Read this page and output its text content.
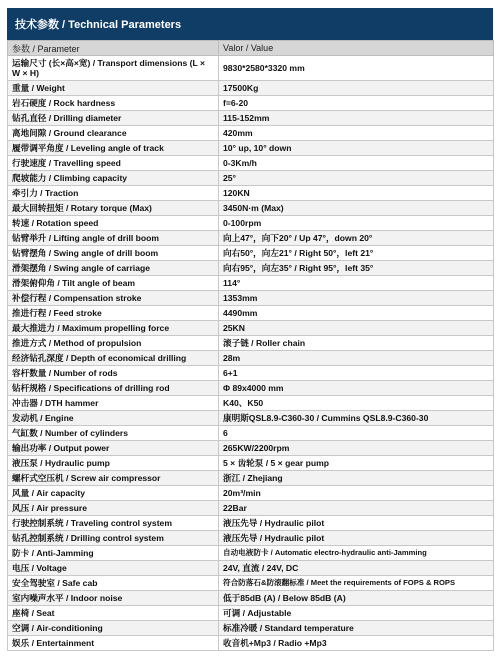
技术参数 / Technical Parameters
参数 / Parameter	Valor / Value
运输尺寸 (长×高×宽) / Transport dimensions (L × W × H)	9830*2580*3320 mm
重量 / Weight	17500Kg
岩石硬度 / Rock hardness	f=6-20
钻孔直径 / Drilling diameter	115-152mm
离地间隙 / Ground clearance	420mm
履带调平角度 / Leveling angle of track	10° up, 10° down
行驶速度 / Travelling speed	0-3Km/h
爬坡能力 / Climbing capacity	25°
牵引力 / Traction	120KN
最大回转扭矩 / Rotary torque (Max)	3450N·m (Max)
转速 / Rotation speed	0-100rpm
钻臂举升 / Lifting angle of drill boom	向上47°，向下20° / Up 47°，down 20°
钻臂摆角 / Swing angle of drill boom	向右50°，向左21° / Right 50°，left 21°
滑架摆角 / Swing angle of carriage	向右95°，向左35° / Right 95°，left 35°
滑架俯仰角 / Tilt angle of beam	114°
补偿行程 / Compensation stroke	1353mm
推进行程 / Feed stroke	4490mm
最大推进力 / Maximum propelling force	25KN
推进方式 / Method of propulsion	滚子链 / Roller chain
经济钻孔深度 / Depth of economical drilling	28m
容杆数量 / Number of rods	6+1
钻杆规格 / Specifications of drilling rod	Φ 89x4000 mm
冲击器 / DTH hammer	K40、K50
发动机 / Engine	康明斯QSL8.9-C360-30 / Cummins QSL8.9-C360-30
气缸数 / Number of cylinders	6
输出功率 / Output power	265KW/2200rpm
液压泵 / Hydraulic pump	5 × 齿轮泵 / 5 × gear pump
螺杆式空压机 / Screw air compressor	浙江 / Zhejiang
风量 / Air capacity	20m³/min
风压 / Air pressure	22Bar
行驶控制系统 / Traveling control system	液压先导 / Hydraulic pilot
钻孔控制系统 / Drilling control system	液压先导 / Hydraulic pilot
防卡 / Anti-Jamming	自动电液防卡 / Automatic electro-hydraulic anti-Jamming
电压 / Voltage	24V, 直流 / 24V, DC
安全驾驶室 / Safe cab	符合防落石&防滚翻标准 / Meet the requirements of FOPS & ROPS
室内噪声水平 / Indoor noise	低于85dB (A) / Below 85dB (A)
座椅 / Seat	可调 / Adjustable
空调 / Air-conditioning	标准冷暖 / Standard temperature
娱乐 / Entertainment	收音机+Mp3 / Radio +Mp3
